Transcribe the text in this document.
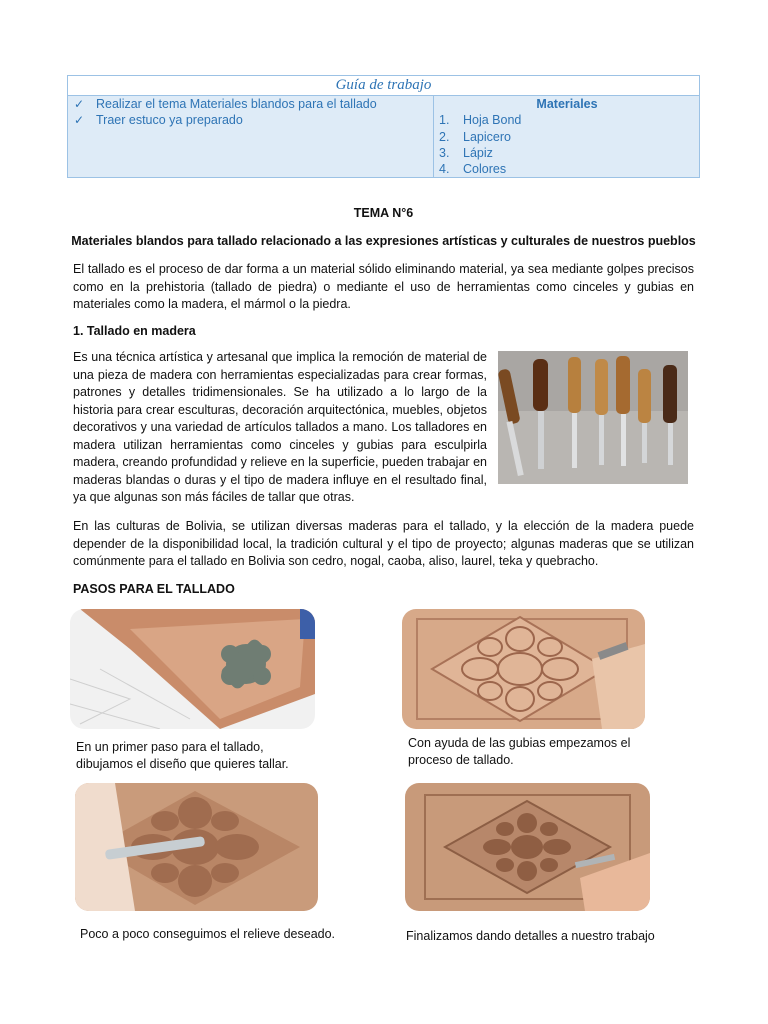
Guía de trabajo
✓ Realizar el tema Materiales blandos para el tallado
✓ Traer estuco ya preparado
Materiales
1. Hoja Bond
2. Lapicero
3. Lápiz
4. Colores
TEMA N°6
Materiales blandos para tallado relacionado a las expresiones artísticas y culturales de nuestros pueblos
El tallado es el proceso de dar forma a un material sólido eliminando material, ya sea mediante golpes precisos como en la prehistoria (tallado de piedra) o mediante el uso de herramientas como cinceles y gubias en materiales como la madera, el mármol o la piedra.
1. Tallado en madera
Es una técnica artística y artesanal que implica la remoción de material de una pieza de madera con herramientas especializadas para crear formas, patrones y detalles tridimensionales. Se ha utilizado a lo largo de la historia para crear esculturas, decoración arquitectónica, muebles, objetos decorativos y una variedad de artículos tallados a mano. Los talladores en madera utilizan herramientas como cinceles y gubias para esculpirla madera, creando profundidad y relieve en la superficie, pueden trabajar en maderas blandas o duras y el tipo de madera influye en el resultado final, ya que algunas son más fáciles de tallar que otras.
En las culturas de Bolivia, se utilizan diversas maderas para el tallado, y la elección de la madera puede depender de la disponibilidad local, la tradición cultural y el tipo de proyecto; algunas maderas que se utilizan comúnmente para el tallado en Bolivia son cedro, nogal, caoba, aliso, laurel, teka y quebracho.
PASOS PARA EL TALLADO
En un primer paso para el tallado, dibujamos el diseño que quieres tallar.
Con ayuda de las gubias empezamos el proceso de tallado.
Poco a poco conseguimos el relieve deseado.	Finalizamos dando detalles a nuestro trabajo
